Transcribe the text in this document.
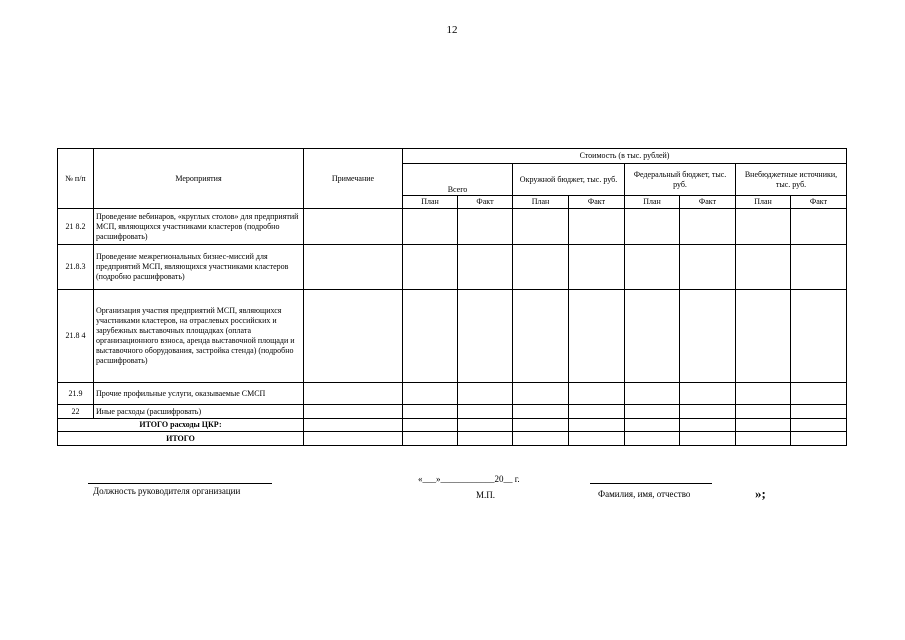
12
№ п/п	Мероприятия	Примечание	Стоимость (в тыс. рублей)							
			Всего		Окружной бюджет, тыс. руб.		Федеральный бюджет, тыс. руб.		Внебюджетные источники, тыс. руб.	
			План	Факт	План	Факт	План	Факт	План	Факт
21 8.2	Проведение вебинаров, «круглых столов» для предприятий МСП, являющихся участниками кластеров (подробно расшифровать)									
21.8.3	Проведение межрегиональных бизнес-миссий для предприятий МСП, являющихся участниками кластеров (подробно расшифровать)									
21.8 4	Организация участия предприятий МСП, являющихся участниками кластеров, на отраслевых российских и зарубежных выставочных площадках (оплата организационного взноса, аренда выставочной площади и выставочного оборудования, застройка стенда) (подробно расшифровать)									
21.9	Прочие профильные услуги, оказываемые СМСП									
22	Иные расходы (расшифровать)									
ИТОГО расходы ЦКР:										
ИТОГО										
Должность руководителя организации
«___»____________20__ г.
М.П.	Фамилия, имя, отчество	»;
